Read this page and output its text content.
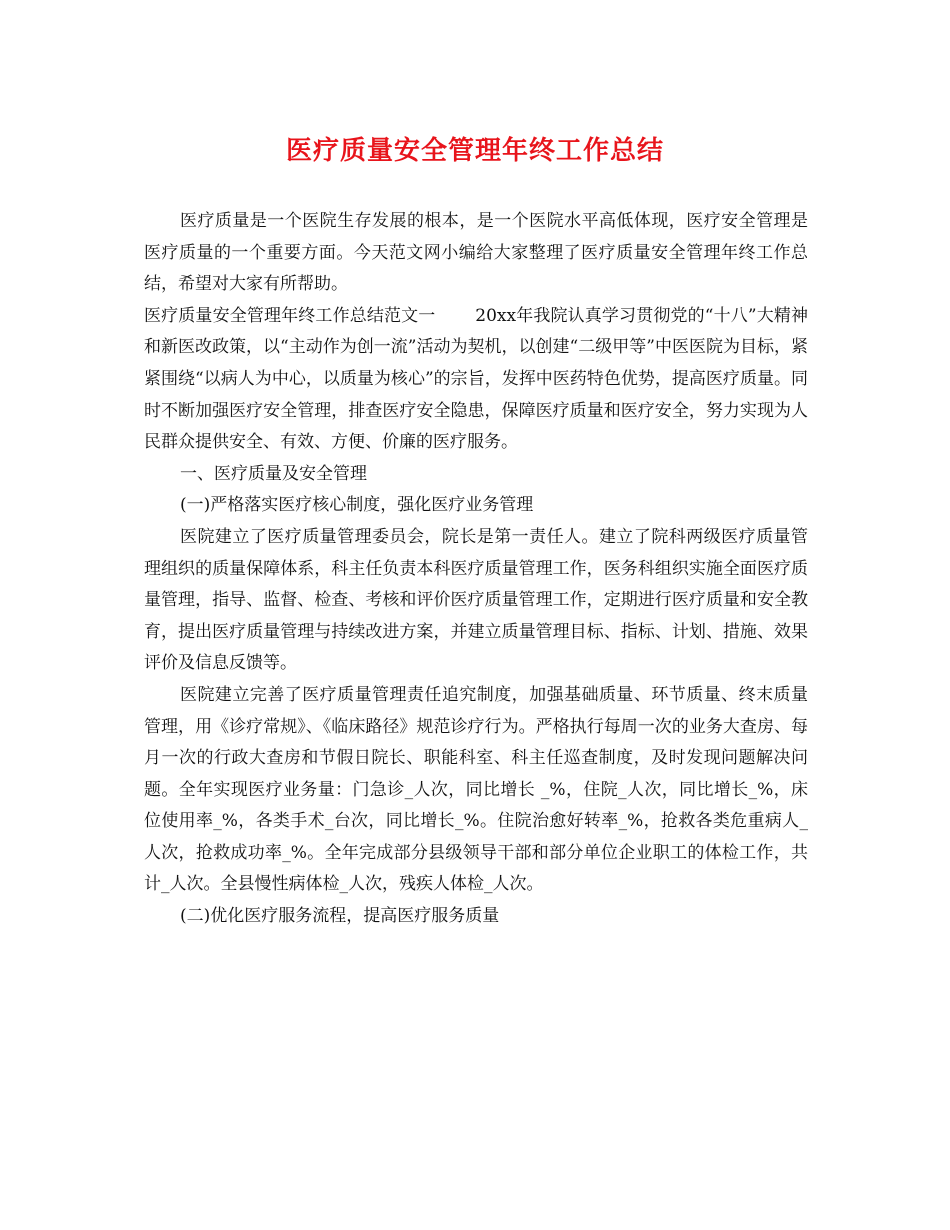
医疗质量安全管理年终工作总结

医疗质量是一个医院生存发展的根本，是一个医院水平高低体现，医疗安全管理是医疗质量的一个重要方面。今天范文网小编给大家整理了医疗质量安全管理年终工作总结，希望对大家有所帮助。

医疗质量安全管理年终工作总结范文一　　 20xx年我院认真学习贯彻党的“十八”大精神和新医改政策，以“主动作为创一流”活动为契机，以创建“二级甲等”中医医院为目标，紧紧围绕“以病人为中心，以质量为核心”的宗旨，发挥中医药特色优势，提高医疗质量。同时不断加强医疗安全管理，排查医疗安全隐患，保障医疗质量和医疗安全，努力实现为人民群众提供安全、有效、方便、价廉的医疗服务。

一、医疗质量及安全管理

(一)严格落实医疗核心制度，强化医疗业务管理

医院建立了医疗质量管理委员会，院长是第一责任人。建立了院科两级医疗质量管理组织的质量保障体系，科主任负责本科医疗质量管理工作，医务科组织实施全面医疗质量管理，指导、监督、检查、考核和评价医疗质量管理工作，定期进行医疗质量和安全教育，提出医疗质量管理与持续改进方案，并建立质量管理目标、指标、计划、措施、效果评价及信息反馈等。

医院建立完善了医疗质量管理责任追究制度，加强基础质量、环节质量、终末质量管理，用《诊疗常规》、《临床路径》规范诊疗行为。严格执行每周一次的业务大查房、每月一次的行政大查房和节假日院长、职能科室、科主任巡查制度，及时发现问题解决问题。全年实现医疗业务量：门急诊_人次，同比增长 _%，住院_人次，同比增长_%，床位使用率_%，各类手术_台次，同比增长_%。住院治愈好转率_%，抢救各类危重病人_人次，抢救成功率_%。全年完成部分县级领导干部和部分单位企业职工的体检工作，共计_人次。全县慢性病体检_人次，残疾人体检_人次。

(二)优化医疗服务流程，提高医疗服务质量
